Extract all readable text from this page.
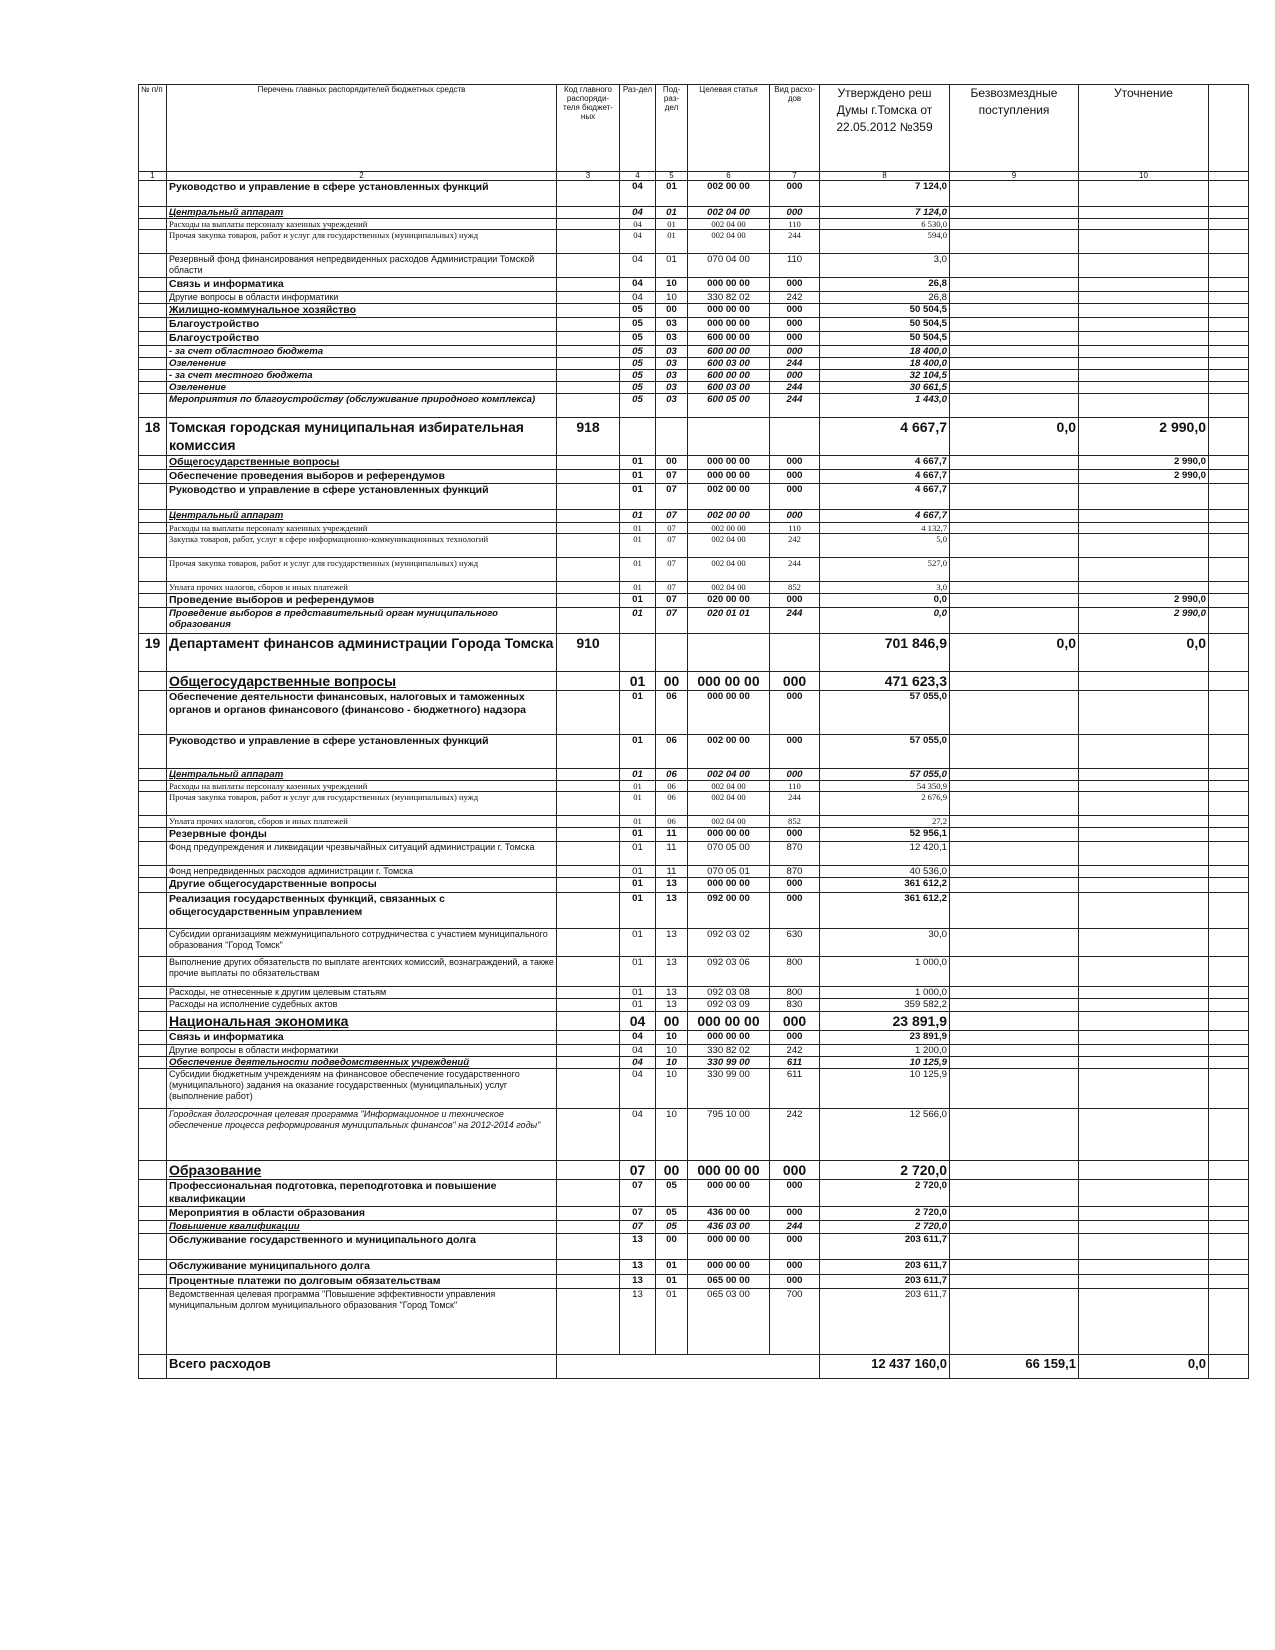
№ п/п	Перечень главных распорядителей бюджетных средств	Код главного распоряди-теля бюджет-ных	Раз-дел	Под-раз-дел	Целевая статья	Вид расхо-дов	Утверждено реш Думы г.Томска от 22.05.2012 №359	Безвозмездные поступления	Уточнение	
1	2	3	4	5	6	7	8	9	10	
	Руководство и управление в сфере установленных функций		04	01	002 00 00	000	7 124,0			
	Центральный аппарат		04	01	002 04 00	000	7 124,0			
	Расходы на выплаты персоналу казенных учреждений		04	01	002 04 00	110	6 530,0			
	Прочая закупка товаров, работ и услуг для государственных (муниципальных) нужд		04	01	002 04 00	244	594,0			
	Резервный фонд финансирования непредвиденных расходов Администрации Томской области		04	01	070 04 00	110	3,0			
	Связь и информатика		04	10	000 00 00	000	26,8			
	Другие вопросы в области информатики		04	10	330 82 02	242	26,8			
	Жилищно-коммунальное хозяйство		05	00	000 00 00	000	50 504,5			
	Благоустройство		05	03	000 00 00	000	50 504,5			
	Благоустройство		05	03	600 00 00	000	50 504,5			
	- за счет областного бюджета		05	03	600 00 00	000	18 400,0			
	Озеленение		05	03	600 03 00	244	18 400,0			
	- за счет местного бюджета		05	03	600 00 00	000	32 104,5			
	Озеленение		05	03	600 03 00	244	30 661,5			
	Мероприятия по благоустройству (обслуживание природного комплекса)		05	03	600 05 00	244	1 443,0			
18	Томская городская муниципальная избирательная комиссия	918					4 667,7	0,0	2 990,0	
	Общегосударственные вопросы		01	00	000 00 00	000	4 667,7		2 990,0	
	Обеспечение проведения выборов и референдумов		01	07	000 00 00	000	4 667,7		2 990,0	
	Руководство и управление в сфере установленных функций		01	07	002 00 00	000	4 667,7			
	Центральный аппарат		01	07	002 00 00	000	4 667,7			
	Расходы на выплаты персоналу казенных учреждений		01	07	002 00 00	110	4 132,7			
	Закупка товаров, работ, услуг в сфере информационно-коммуникационных технологий		01	07	002 04 00	242	5,0			
	Прочая закупка товаров, работ и услуг для государственных (муниципальных) нужд		01	07	002 04 00	244	527,0			
	Уплата прочих налогов, сборов и иных платежей		01	07	002 04 00	852	3,0			
	Проведение выборов и референдумов		01	07	020 00 00	000	0,0		2 990,0	
	Проведение выборов в представительный орган муниципального образования		01	07	020 01 01	244	0,0		2 990,0	
19	Департамент финансов администрации Города Томска	910					701 846,9	0,0	0,0	
	Общегосударственные вопросы		01	00	000 00 00	000	471 623,3			
	Обеспечение деятельности финансовых, налоговых и таможенных органов и органов финансового (финансово - бюджетного) надзора		01	06	000 00 00	000	57 055,0			
	Руководство и управление в сфере установленных функций		01	06	002 00 00	000	57 055,0			
	Центральный аппарат		01	06	002 04 00	000	57 055,0			
	Расходы на выплаты персоналу казенных учреждений		01	06	002 04 00	110	54 350,9			
	Прочая закупка товаров, работ и услуг для государственных (муниципальных) нужд		01	06	002 04 00	244	2 676,9			
	Уплата прочих налогов, сборов и иных платежей		01	06	002 04 00	852	27,2			
	Резервные фонды		01	11	000 00 00	000	52 956,1			
	Фонд предупреждения и ликвидации чрезвычайных ситуаций администрации г. Томска		01	11	070 05 00	870	12 420,1			
	Фонд непредвиденных расходов администрации г. Томска		01	11	070 05 01	870	40 536,0			
	Другие общегосударственные вопросы		01	13	000 00 00	000	361 612,2			
	Реализация государственных функций, связанных с общегосударственным управлением		01	13	092 00 00	000	361 612,2			
	Субсидии организациям межмуниципального сотрудничества с участием муниципального образования "Город Томск"		01	13	092 03 02	630	30,0			
	Выполнение других обязательств по выплате агентских комиссий, вознаграждений, а также прочие выплаты по обязательствам		01	13	092 03 06	800	1 000,0			
	Расходы, не отнесенные к другим целевым статьям		01	13	092 03 08	800	1 000,0			
	Расходы на исполнение судебных актов		01	13	092 03 09	830	359 582,2			
	Национальная экономика		04	00	000 00 00	000	23 891,9			
	Связь и информатика		04	10	000 00 00	000	23 891,9			
	Другие вопросы в области информатики		04	10	330 82 02	242	1 200,0			
	Обеспечение деятельности подведомственных учреждений		04	10	330 99 00	611	10 125,9			
	Субсидии бюджетным учреждениям на финансовое обеспечение государственного (муниципального) задания на оказание государственных (муниципальных) услуг (выполнение работ)		04	10	330 99 00	611	10 125,9			
	Городская долгосрочная целевая программа "Информационное и техническое обеспечение процесса реформирования муниципальных финансов" на 2012-2014 годы"		04	10	795 10 00	242	12 566,0			
	Образование		07	00	000 00 00	000	2 720,0			
	Профессиональная подготовка, переподготовка и повышение квалификации		07	05	000 00 00	000	2 720,0			
	Мероприятия в области образования		07	05	436 00 00	000	2 720,0			
	Повышение квалификации		07	05	436 03 00	244	2 720,0			
	Обслуживание государственного и муниципального долга		13	00	000 00 00	000	203 611,7			
	Обслуживание муниципального долга		13	01	000 00 00	000	203 611,7			
	Процентные платежи по долговым обязательствам		13	01	065 00 00	000	203 611,7			
	Ведомственная целевая программа "Повышение эффективности управления муниципальным долгом муниципального образования "Город Томск"		13	01	065 03 00	700	203 611,7			
	Всего расходов						12 437 160,0	66 159,1	0,0	
